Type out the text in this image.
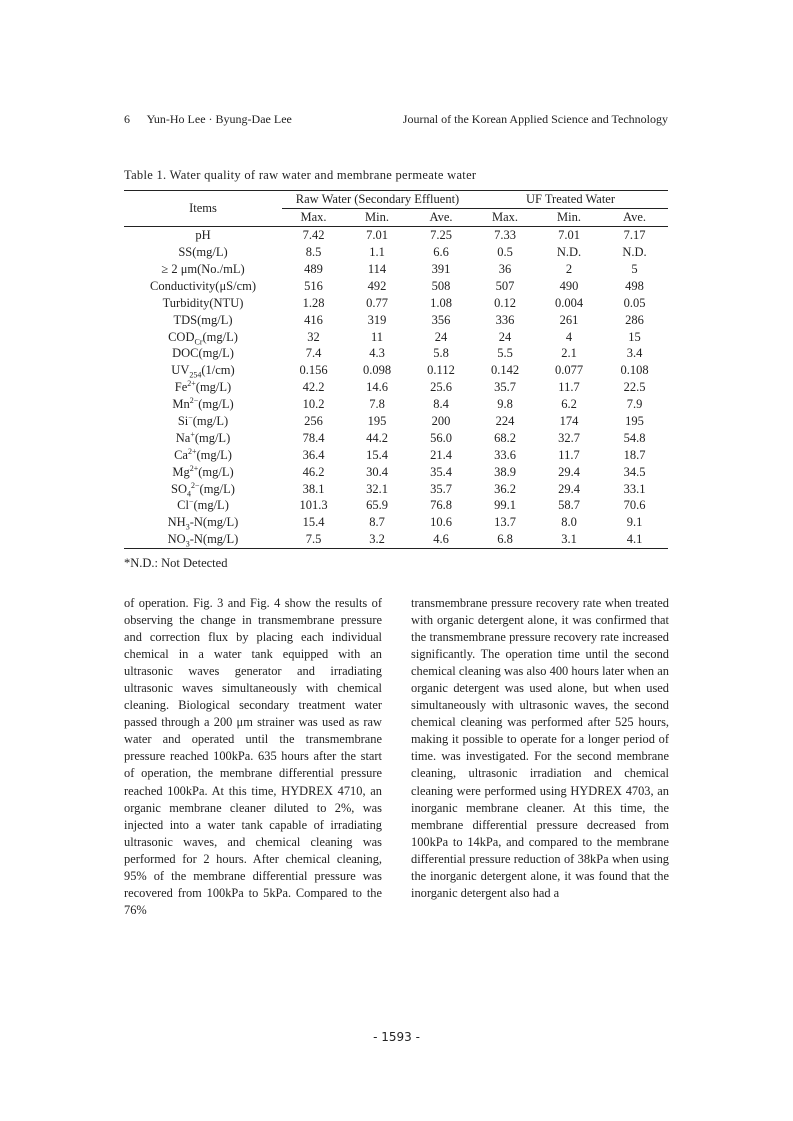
6 Yun-Ho Lee · Byung-Dae Lee	Journal of the Korean Applied Science and Technology
Table 1. Water quality of raw water and membrane permeate water
Items	Raw Water (Secondary Effluent)			UF Treated Water		
	Max.	Min.	Ave.	Max.	Min.	Ave.
pH	7.42	7.01	7.25	7.33	7.01	7.17
SS(mg/L)	8.5	1.1	6.6	0.5	N.D.	N.D.
≥ 2 μm(No./mL)	489	114	391	36	2	5
Conductivity(μS/cm)	516	492	508	507	490	498
Turbidity(NTU)	1.28	0.77	1.08	0.12	0.004	0.05
TDS(mg/L)	416	319	356	336	261	286
$COD_{Cr}(mg/L)$	32	11	24	24	4	15
DOC(mg/L)	7.4	4.3	5.8	5.5	2.1	3.4
$UV_{254}(1/cm)$	0.156	0.098	0.112	0.142	0.077	0.108
$Fe^{2+}(mg/L)$	42.2	14.6	25.6	35.7	11.7	22.5
$Mn^{2-}(mg/L)$	10.2	7.8	8.4	9.8	6.2	7.9
Si−(mg/L)	256	195	200	224	174	195
Na+(mg/L)	78.4	44.2	56.0	68.2	32.7	54.8
$Ca^{2+}(mg/L)$	36.4	15.4	21.4	33.6	11.7	18.7
$Mg^{2+}(mg/L)$	46.2	30.4	35.4	38.9	29.4	34.5
$SO_4^{2-}(mg/L)$	38.1	32.1	35.7	36.2	29.4	33.1
Cl−(mg/L)	101.3	65.9	76.8	99.1	58.7	70.6
$NH_3-N(mg/L)$	15.4	8.7	10.6	13.7	8.0	9.1
$NO_3-N(mg/L)$	7.5	3.2	4.6	6.8	3.1	4.1
*N.D.: Not Detected
of operation. Fig. 3 and Fig. 4 show the results of observing the change in transmembrane pressure and correction flux by placing each individual chemical in a water tank equipped with an ultrasonic waves generator and irradiating ultrasonic waves simultaneously with chemical cleaning. Biological secondary treatment water passed through a 200 μm strainer was used as raw water and operated until the transmembrane pressure reached 100kPa. 635 hours after the start of operation, the membrane differential pressure reached 100kPa. At this time, HYDREX 4710, an organic membrane cleaner diluted to 2%, was injected into a water tank capable of irradiating ultrasonic waves, and chemical cleaning was performed for 2 hours. After chemical cleaning, 95% of the membrane differential pressure was recovered from 100kPa to 5kPa. Compared to the 76%
transmembrane pressure recovery rate when treated with organic detergent alone, it was confirmed that the transmembrane pressure recovery rate increased significantly. The operation time until the second chemical cleaning was also 400 hours later when an organic detergent was used alone, but when used simultaneously with ultrasonic waves, the second chemical cleaning was performed after 525 hours, making it possible to operate for a longer period of time. was investigated. For the second membrane cleaning, ultrasonic irradiation and chemical cleaning were performed using HYDREX 4703, an inorganic membrane cleaner. At this time, the membrane differential pressure decreased from 100kPa to 14kPa, and compared to the membrane differential pressure reduction of 38kPa when using the inorganic detergent alone, it was found that the inorganic detergent also had a
- 1593 -
